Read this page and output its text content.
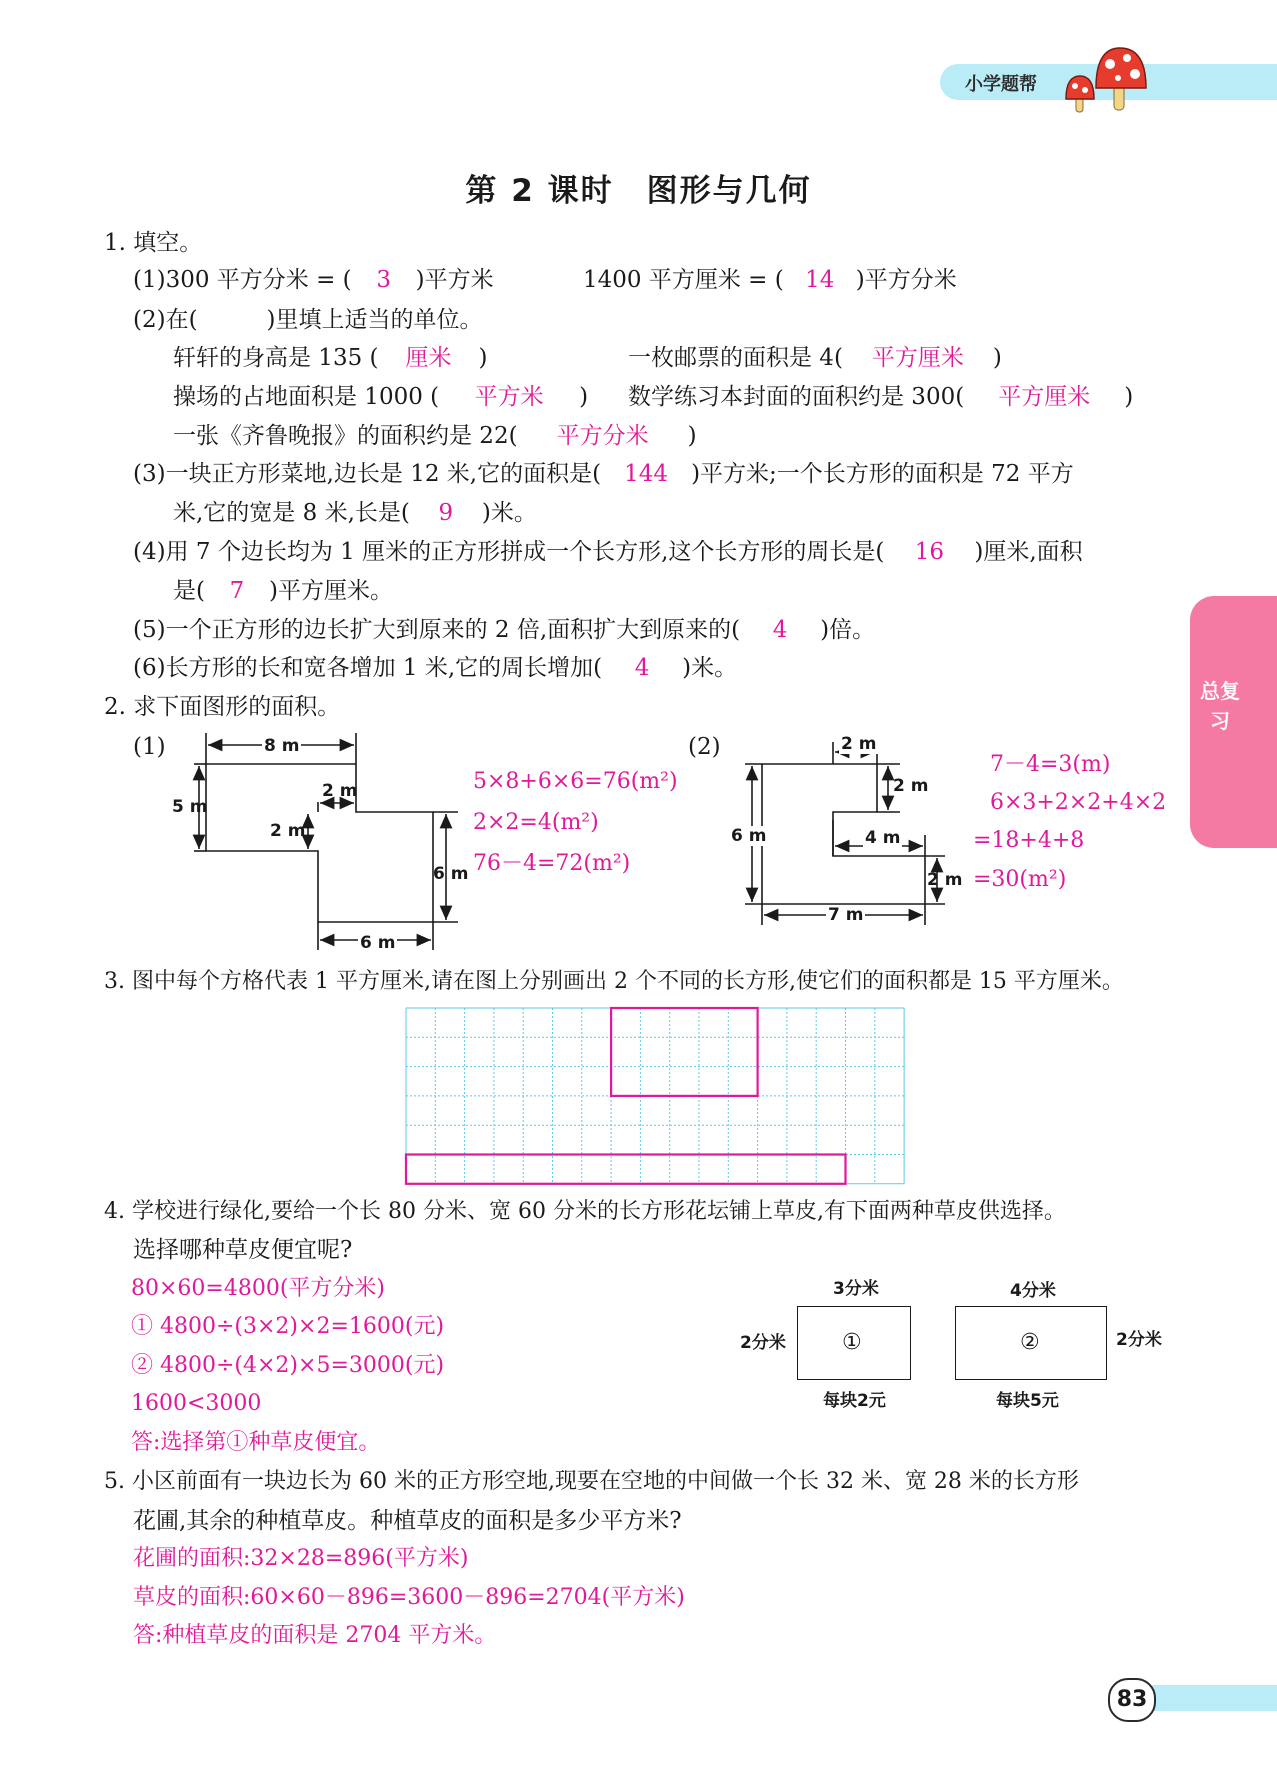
小学题帮
第 2 课时　图形与几何
总复习
1. 填空。
(1)300 平方分米 = ( 3 )平方米	1400 平方厘米 = ( 14 )平方分米
(2)在(　　　)里填上适当的单位。
轩轩的身高是 135 ( 厘米 )	一枚邮票的面积是 4( 平方厘米 )
操场的占地面积是 1000 ( 平方米 ) 数学练习本封面的面积约是 300( 平方厘米 )
一张《齐鲁晚报》的面积约是 22( 平方分米 )
(3)一块正方形菜地,边长是 12 米,它的面积是( 144 )平方米;一个长方形的面积是 72 平方
米,它的宽是 8 米,长是( 9 )米。
(4)用 7 个边长均为 1 厘米的正方形拼成一个长方形,这个长方形的周长是( 16 )厘米,面积
是( 7 )平方厘米。
(5)一个正方形的边长扩大到原来的 2 倍,面积扩大到原来的( 4 )倍。
(6)长方形的长和宽各增加 1 米,它的周长增加( 4 )米。
2. 求下面图形的面积。
(1)	8 m
5 m
2 m
2 m
6 m
6 m
5×8+6×6=76(m²)
2×2=4(m²)
76－4=72(m²)
(2)	2 m
2 m
6 m	4 m
2 m
7 m
7－4=3(m)
6×3+2×2+4×2
=18+4+8
=30(m²)
3. 图中每个方格代表 1 平方厘米,请在图上分别画出 2 个不同的长方形,使它们的面积都是 15 平方厘米。
4. 学校进行绿化,要给一个长 80 分米、宽 60 分米的长方形花坛铺上草皮,有下面两种草皮供选择。
选择哪种草皮便宜呢?
80×60=4800(平方分米)
① 4800÷(3×2)×2=1600(元)
② 4800÷(4×2)×5=3000(元)
1600<3000
答:选择第①种草皮便宜。
3分米
2分米	①
每块2元
4分米
2分米
②
每块5元
5. 小区前面有一块边长为 60 米的正方形空地,现要在空地的中间做一个长 32 米、宽 28 米的长方形
花圃,其余的种植草皮。种植草皮的面积是多少平方米?
花圃的面积:32×28=896(平方米)
草皮的面积:60×60－896=3600－896=2704(平方米)
答:种植草皮的面积是 2704 平方米。
83
